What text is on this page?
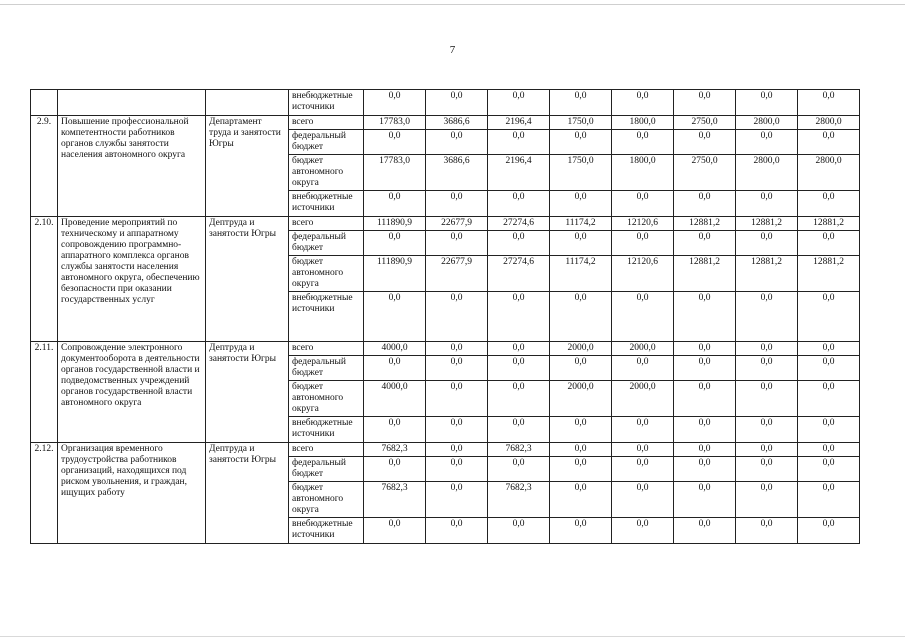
7
			внебюджетные источники	0,0	0,0	0,0	0,0	0,0	0,0	0,0	0,0
2.9.	Повышение профессиональной компетентности работников органов службы занятости населения автономного округа	Департамент труда и занятости Югры	всего	17783,0	3686,6	2196,4	1750,0	1800,0	2750,0	2800,0	2800,0
			федеральный бюджет	0,0	0,0	0,0	0,0	0,0	0,0	0,0	0,0
			бюджет автономного округа	17783,0	3686,6	2196,4	1750,0	1800,0	2750,0	2800,0	2800,0
			внебюджетные источники	0,0	0,0	0,0	0,0	0,0	0,0	0,0	0,0
2.10.	Проведение мероприятий по техническому и аппаратному сопровождению программно-аппаратного комплекса органов службы занятости населения автономного округа, обеспечению безопасности при оказании государственных услуг	Дептруда и занятости Югры	всего	111890,9	22677,9	27274,6	11174,2	12120,6	12881,2	12881,2	12881,2
			федеральный бюджет	0,0	0,0	0,0	0,0	0,0	0,0	0,0	0,0
			бюджет автономного округа	111890,9	22677,9	27274,6	11174,2	12120,6	12881,2	12881,2	12881,2
			внебюджетные источники	0,0	0,0	0,0	0,0	0,0	0,0	0,0	0,0
2.11.	Сопровождение электронного документооборота в деятельности органов государственной власти и подведомственных учреждений органов государственной власти автономного округа	Дептруда и занятости Югры	всего	4000,0	0,0	0,0	2000,0	2000,0	0,0	0,0	0,0
			федеральный бюджет	0,0	0,0	0,0	0,0	0,0	0,0	0,0	0,0
			бюджет автономного округа	4000,0	0,0	0,0	2000,0	2000,0	0,0	0,0	0,0
			внебюджетные источники	0,0	0,0	0,0	0,0	0,0	0,0	0,0	0,0
2.12.	Организация временного трудоустройства работников организаций, находящихся под риском увольнения, и граждан, ищущих работу	Дептруда и занятости Югры	всего	7682,3	0,0	7682,3	0,0	0,0	0,0	0,0	0,0
			федеральный бюджет	0,0	0,0	0,0	0,0	0,0	0,0	0,0	0,0
			бюджет автономного округа	7682,3	0,0	7682,3	0,0	0,0	0,0	0,0	0,0
			внебюджетные источники	0,0	0,0	0,0	0,0	0,0	0,0	0,0	0,0
